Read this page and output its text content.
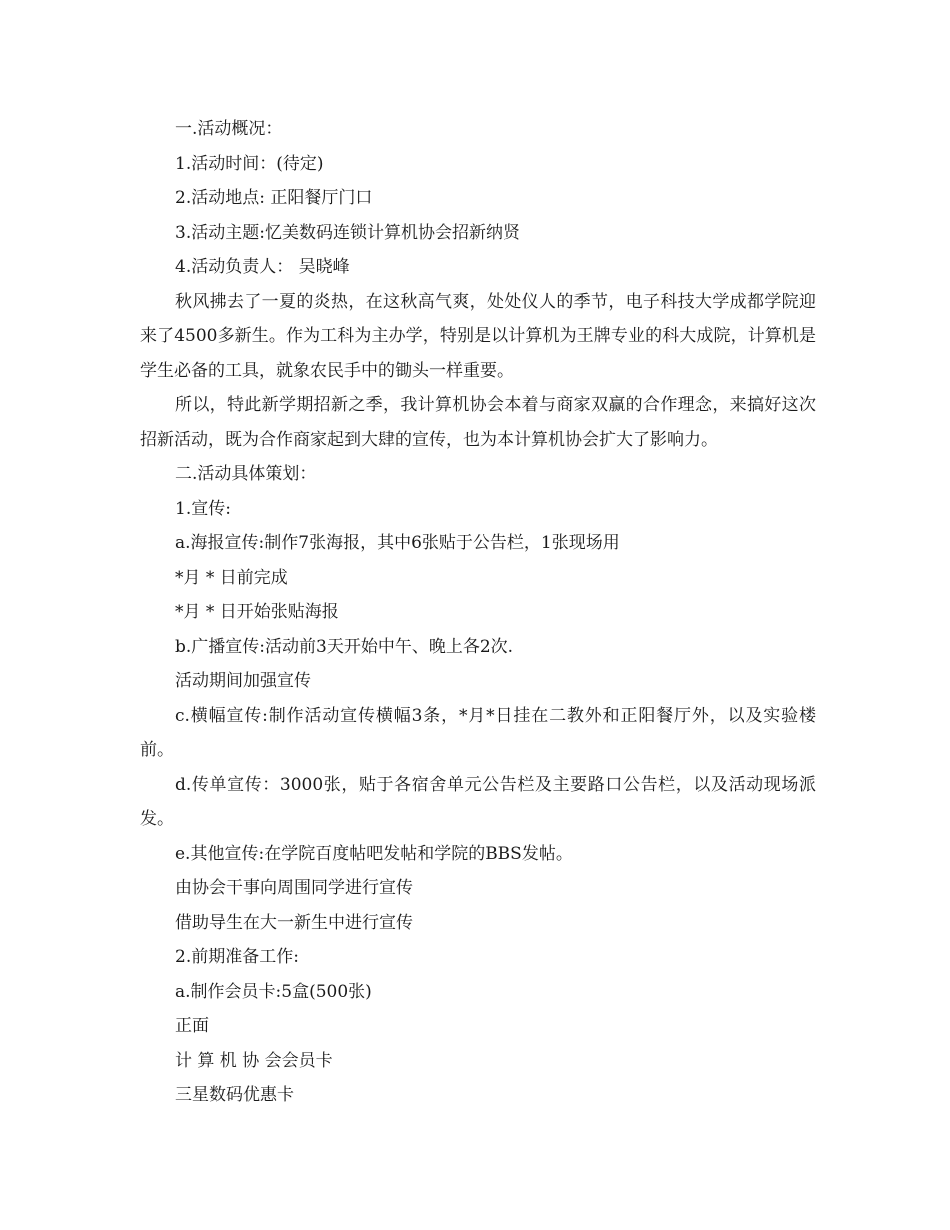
一.活动概况：

1.活动时间：(待定)

2.活动地点: 正阳餐厅门口

3.活动主题:忆美数码连锁计算机协会招新纳贤

4.活动负责人： 吴晓峰

秋风拂去了一夏的炎热，在这秋高气爽，处处仪人的季节，电子科技大学成都学院迎来了4500多新生。作为工科为主办学，特别是以计算机为王牌专业的科大成院，计算机是学生必备的工具，就象农民手中的锄头一样重要。

所以，特此新学期招新之季，我计算机协会本着与商家双赢的合作理念，来搞好这次招新活动，既为合作商家起到大肆的宣传，也为本计算机协会扩大了影响力。

二.活动具体策划：

1.宣传:

a.海报宣传:制作7张海报，其中6张贴于公告栏，1张现场用

*月 * 日前完成

*月 * 日开始张贴海报

b.广播宣传:活动前3天开始中午、晚上各2次.

活动期间加强宣传

c.横幅宣传:制作活动宣传横幅3条，*月*日挂在二教外和正阳餐厅外，以及实验楼前。

d.传单宣传：3000张，贴于各宿舍单元公告栏及主要路口公告栏，以及活动现场派发。

e.其他宣传:在学院百度帖吧发帖和学院的BBS发帖。

由协会干事向周围同学进行宣传

借助导生在大一新生中进行宣传

2.前期准备工作:

a.制作会员卡:5盒(500张)

正面

计 算 机 协 会会员卡

三星数码优惠卡
